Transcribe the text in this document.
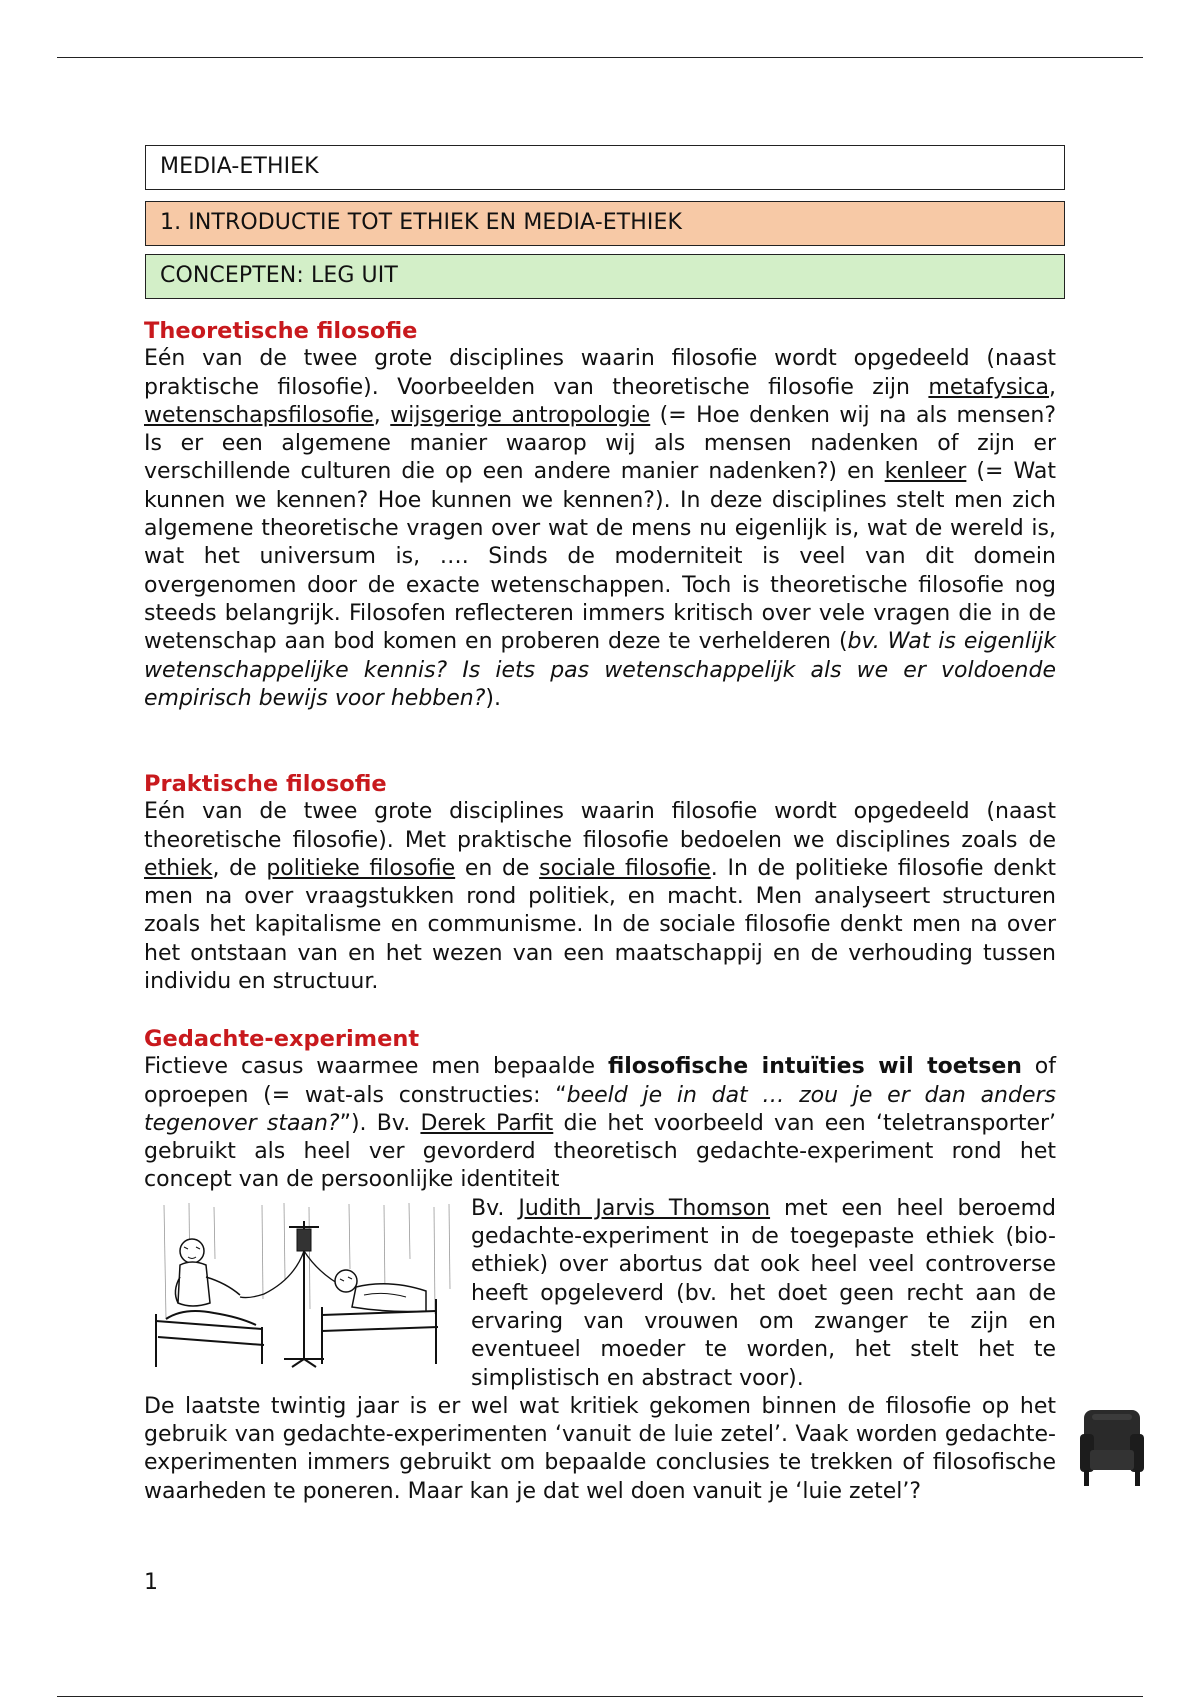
MEDIA-ETHIEK
1. INTRODUCTIE TOT ETHIEK EN MEDIA-ETHIEK
CONCEPTEN: LEG UIT
Theoretische filosofie

Eén van de twee grote disciplines waarin filosofie wordt opgedeeld (naast praktische filosofie). Voorbeelden van theoretische filosofie zijn metafysica, wetenschapsfilosofie, wijsgerige antropologie (= Hoe denken wij na als mensen? Is er een algemene manier waarop wij als mensen nadenken of zijn er verschillende culturen die op een andere manier nadenken?) en kenleer (= Wat kunnen we kennen? Hoe kunnen we kennen?). In deze disciplines stelt men zich algemene theoretische vragen over wat de mens nu eigenlijk is, wat de wereld is, wat het universum is, …. Sinds de moderniteit is veel van dit domein overgenomen door de exacte wetenschappen. Toch is theoretische filosofie nog steeds belangrijk. Filosofen reflecteren immers kritisch over vele vragen die in de wetenschap aan bod komen en proberen deze te verhelderen (bv. Wat is eigenlijk wetenschappelijke kennis? Is iets pas wetenschappelijk als we er voldoende empirisch bewijs voor hebben?).

Praktische filosofie

Eén van de twee grote disciplines waarin filosofie wordt opgedeeld (naast theoretische filosofie). Met praktische filosofie bedoelen we disciplines zoals de ethiek, de politieke filosofie en de sociale filosofie. In de politieke filosofie denkt men na over vraagstukken rond politiek, en macht. Men analyseert structuren zoals het kapitalisme en communisme. In de sociale filosofie denkt men na over het ontstaan van en het wezen van een maatschappij en de verhouding tussen individu en structuur.

Gedachte-experiment

Fictieve casus waarmee men bepaalde filosofische intuïties wil toetsen of oproepen (= wat-als constructies: “beeld je in dat … zou je er dan anders tegenover staan?”). Bv. Derek Parfit die het voorbeeld van een ‘teletransporter’ gebruikt als heel ver gevorderd theoretisch gedachte-experiment rond het concept van de persoonlijke identiteit

Bv. Judith Jarvis Thomson met een heel beroemd gedachte-experiment in de toegepaste ethiek (bio-ethiek) over abortus dat ook heel veel controverse heeft opgeleverd (bv. het doet geen recht aan de ervaring van vrouwen om zwanger te zijn en eventueel moeder te worden, het stelt het te simplistisch en abstract voor).

De laatste twintig jaar is er wel wat kritiek gekomen binnen de filosofie op het gebruik van gedachte-experimenten ‘vanuit de luie zetel’. Vaak worden gedachte-experimenten immers gebruikt om bepaalde conclusies te trekken of filosofische waarheden te poneren. Maar kan je dat wel doen vanuit je ‘luie zetel’?

1
